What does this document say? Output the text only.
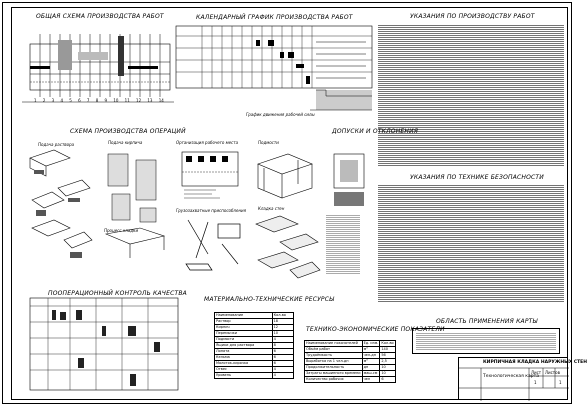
ОБЩАЯ СХЕМА ПРОИЗВОДСТВА РАБОТ
1 2 3 4 5 6 7 8 9 10 11 12 13 14
КАЛЕНДАРНЫЙ ГРАФИК ПРОИЗВОДСТВА РАБОТ
График движения рабочей силы
УКАЗАНИЯ ПО ПРОИЗВОДСТВУ РАБОТ
СХЕМА ПРОИЗВОДСТВА ОПЕРАЦИЙ
Подача раствора	Подача кирпича
Процесс кладки
Организация рабочего места	Подмости
Грузозахватные приспособления	Кладка стен
ДОПУСКИ И ОТКЛОНЕНИЯ
УКАЗАНИЯ ПО ТЕХНИКЕ БЕЗОПАСНОСТИ
ПООПЕРАЦИОННЫЙ КОНТРОЛЬ КАЧЕСТВА
МАТЕРИАЛЬНО-ТЕХНИЧЕСКИЕ РЕСУРСЫ
Наименование	Кол-во
Раствор	18
Кирпич	12
Перемычки	10
Подмости	4
Ящики для раствора	8
Лопата	6
Кельма	6
Молоток-кирочка	6
Отвес	4
Уровень	4
ТЕХНИКО-ЭКОНОМИЧЕСКИЕ ПОКАЗАТЕЛИ
Наименование показателей	Ед. изм.	Кол-во
Объём работ	м³	140
Трудоёмкость	чел-дн	56
Выработка на 1 чел-дн	м³	2,5
Продолжительность	дн	10
Затраты машинного времени	маш-см	10
Количество рабочих	чел	6
ОБЛАСТЬ ПРИМЕНЕНИЯ КАРТЫ
КИРПИЧНАЯ КЛАДКА НАРУЖНЫХ СТЕН
Технологическая карта
Лист Листов
1	1
